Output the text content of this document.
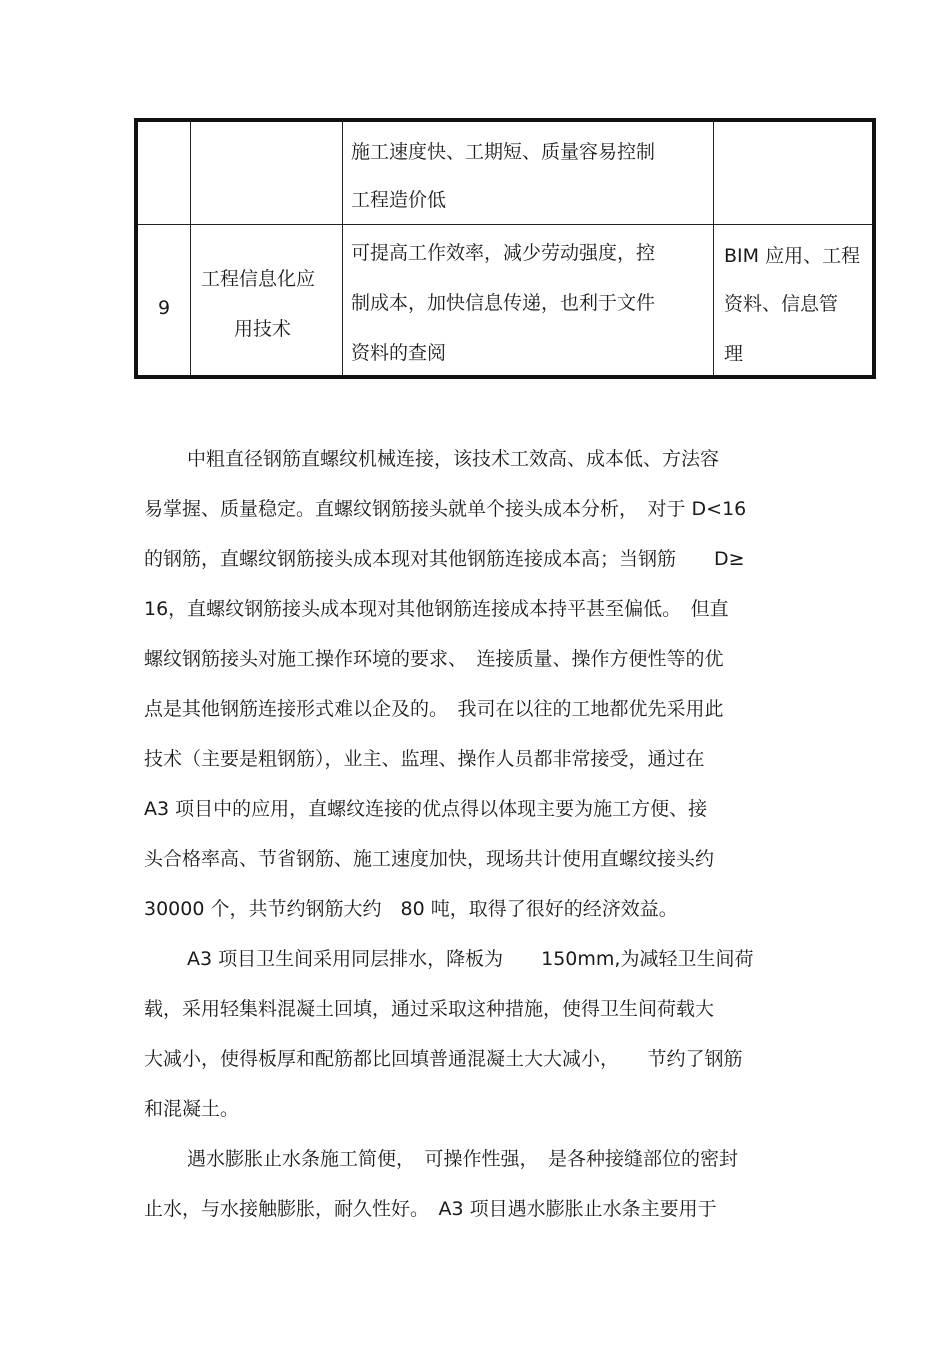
施工速度快、工期短、质量容易控制
工程造价低
9
工程信息化应
用技术
可提高工作效率，减少劳动强度，控
制成本，加快信息传递，也利于文件
资料的查阅
BIM 应用、工程
资料、信息管
理
中粗直径钢筋直螺纹机械连接，该技术工效高、成本低、方法容
易掌握、质量稳定。直螺纹钢筋接头就单个接头成本分析，　对于 D<16
的钢筋，直螺纹钢筋接头成本现对其他钢筋连接成本高；当钢筋　　D≥
16，直螺纹钢筋接头成本现对其他钢筋连接成本持平甚至偏低。　但直
螺纹钢筋接头对施工操作环境的要求、　连接质量、操作方便性等的优
点是其他钢筋连接形式难以企及的。　我司在以往的工地都优先采用此
技术（主要是粗钢筋），业主、监理、操作人员都非常接受，通过在
A3 项目中的应用，直螺纹连接的优点得以体现主要为施工方便、接
头合格率高、节省钢筋、施工速度加快，现场共计使用直螺纹接头约
30000 个，共节约钢筋大约　80 吨，取得了很好的经济效益。
A3 项目卫生间采用同层排水，降板为　　150mm,为减轻卫生间荷
载，采用轻集料混凝土回填，通过采取这种措施，使得卫生间荷载大
大减小，使得板厚和配筋都比回填普通混凝土大大减小，　　节约了钢筋
和混凝土。
遇水膨胀止水条施工简便，　可操作性强，　是各种接缝部位的密封
止水，与水接触膨胀，耐久性好。　A3 项目遇水膨胀止水条主要用于
